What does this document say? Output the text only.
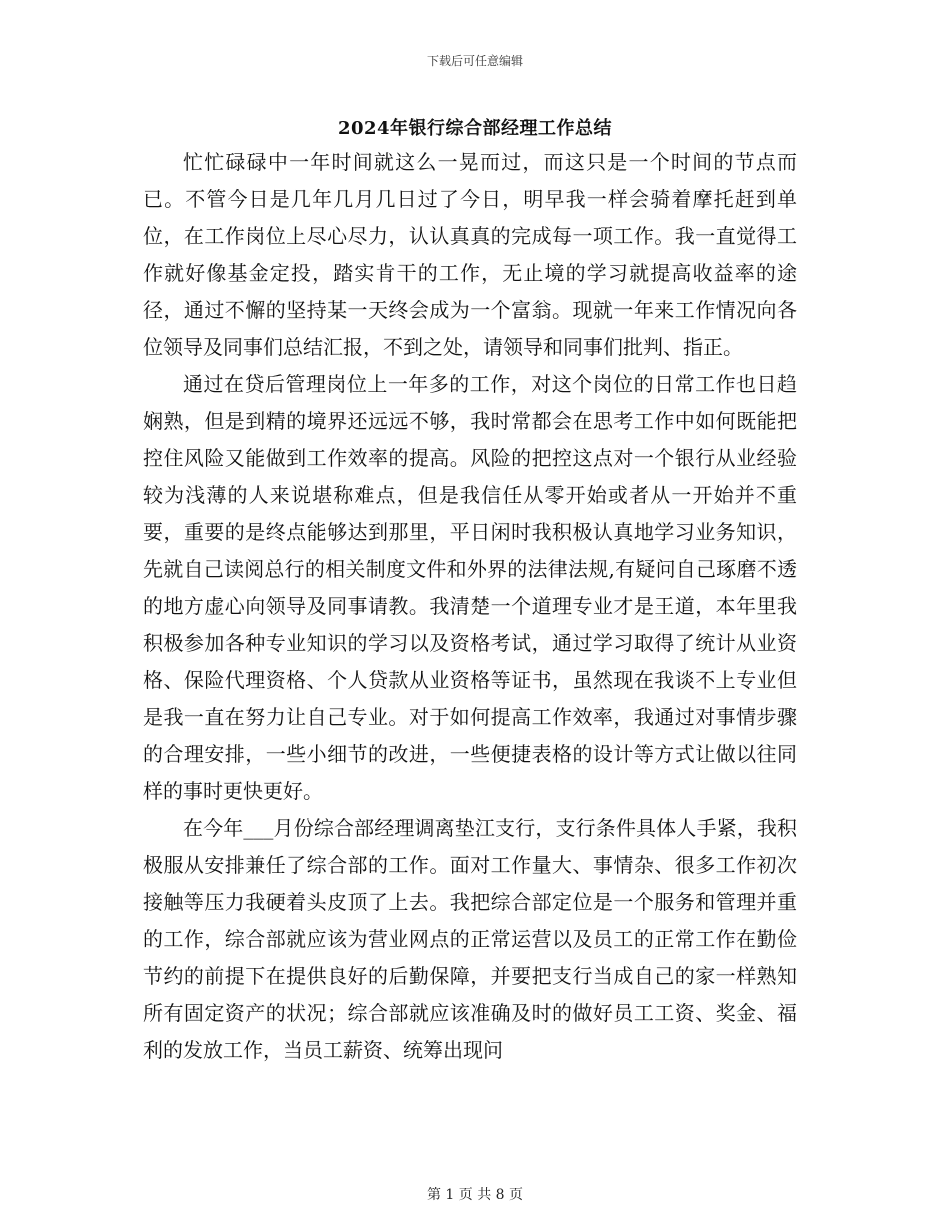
下载后可任意编辑
2024年银行综合部经理工作总结

忙忙碌碌中一年时间就这么一晃而过，而这只是一个时间的节点而已。不管今日是几年几月几日过了今日，明早我一样会骑着摩托赶到单位，在工作岗位上尽心尽力，认认真真的完成每一项工作。我一直觉得工作就好像基金定投，踏实肯干的工作，无止境的学习就提高收益率的途径，通过不懈的坚持某一天终会成为一个富翁。现就一年来工作情况向各位领导及同事们总结汇报，不到之处，请领导和同事们批判、指正。

通过在贷后管理岗位上一年多的工作，对这个岗位的日常工作也日趋娴熟，但是到精的境界还远远不够，我时常都会在思考工作中如何既能把控住风险又能做到工作效率的提高。风险的把控这点对一个银行从业经验较为浅薄的人来说堪称难点，但是我信任从零开始或者从一开始并不重要，重要的是终点能够达到那里，平日闲时我积极认真地学习业务知识，先就自己读阅总行的相关制度文件和外界的法律法规,有疑问自己琢磨不透的地方虚心向领导及同事请教。我清楚一个道理专业才是王道，本年里我积极参加各种专业知识的学习以及资格考试，通过学习取得了统计从业资格、保险代理资格、个人贷款从业资格等证书，虽然现在我谈不上专业但是我一直在努力让自己专业。对于如何提高工作效率，我通过对事情步骤的合理安排，一些小细节的改进，一些便捷表格的设计等方式让做以往同样的事时更快更好。

在今年___月份综合部经理调离垫江支行，支行条件具体人手紧，我积极服从安排兼任了综合部的工作。面对工作量大、事情杂、很多工作初次接触等压力我硬着头皮顶了上去。我把综合部定位是一个服务和管理并重的工作，综合部就应该为营业网点的正常运营以及员工的正常工作在勤俭节约的前提下在提供良好的后勤保障，并要把支行当成自己的家一样熟知所有固定资产的状况；综合部就应该准确及时的做好员工工资、奖金、福利的发放工作，当员工薪资、统筹出现问

第 1 页 共 8 页
